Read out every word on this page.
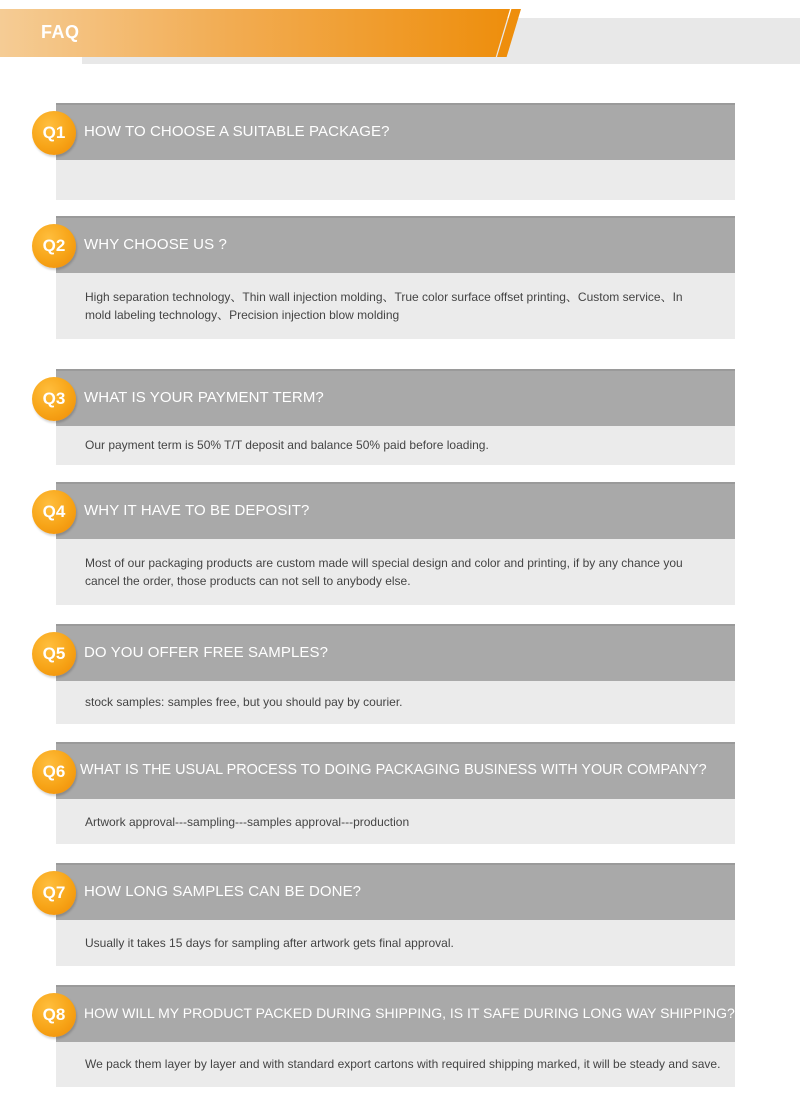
FAQ
HOW TO CHOOSE A SUITABLE PACKAGE?
Q1
WHY CHOOSE US ?
High separation technology、Thin wall injection molding、True color surface offset printing、Custom service、In mold labeling technology、Precision injection blow molding
Q2
WHAT IS YOUR PAYMENT TERM?
Our payment term is 50% T/T deposit and balance 50% paid before loading.
Q3
WHY IT HAVE TO BE DEPOSIT?
Most of our packaging products are custom made will special design and color and printing, if by any chance you cancel the order, those products can not sell to anybody else.
Q4
DO YOU OFFER FREE SAMPLES?
stock samples: samples free, but you should pay by courier.
Q5
WHAT IS THE USUAL PROCESS TO DOING PACKAGING BUSINESS WITH YOUR COMPANY?
Artwork approval---sampling---samples approval---production
Q6
HOW LONG SAMPLES CAN BE DONE?
Usually it takes 15 days for sampling after artwork gets final approval.
Q7
HOW WILL MY PRODUCT PACKED DURING SHIPPING, IS IT SAFE DURING LONG WAY SHIPPING?
We pack them layer by layer and with standard export cartons with required shipping marked, it will be steady and save.
Q8
